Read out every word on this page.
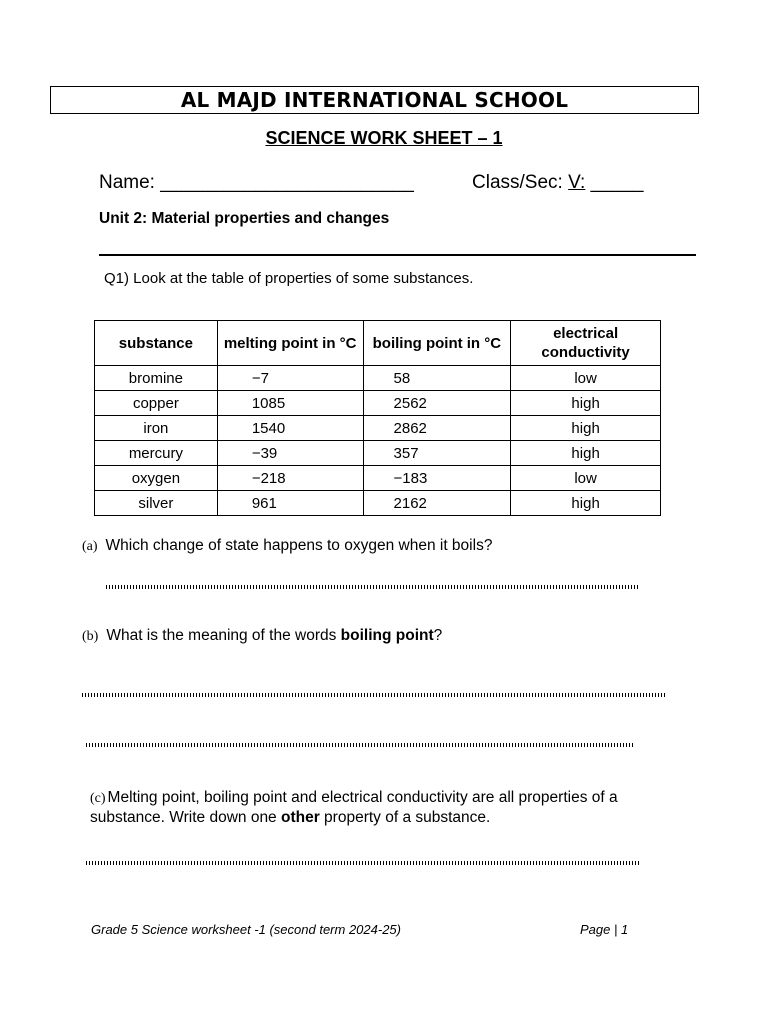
AL MAJD INTERNATIONAL SCHOOL
SCIENCE WORK SHEET – 1
Name: ________________________	Class/Sec: V: _____
Unit 2: Material properties and changes
Q1) Look at the table of properties of some substances.
substance	melting point in °C	boiling point in °C	electrical conductivity
bromine	−7	58	low
copper	1085	2562	high
iron	1540	2862	high
mercury	−39	357	high
oxygen	−218	−183	low
silver	961	2162	high
(a) Which change of state happens to oxygen when it boils?
(b) What is the meaning of the words boiling point?
(c) Melting point, boiling point and electrical conductivity are all properties of a substance. Write down one other property of a substance.
Grade 5 Science worksheet -1 (second term 2024-25)	Page | 1
